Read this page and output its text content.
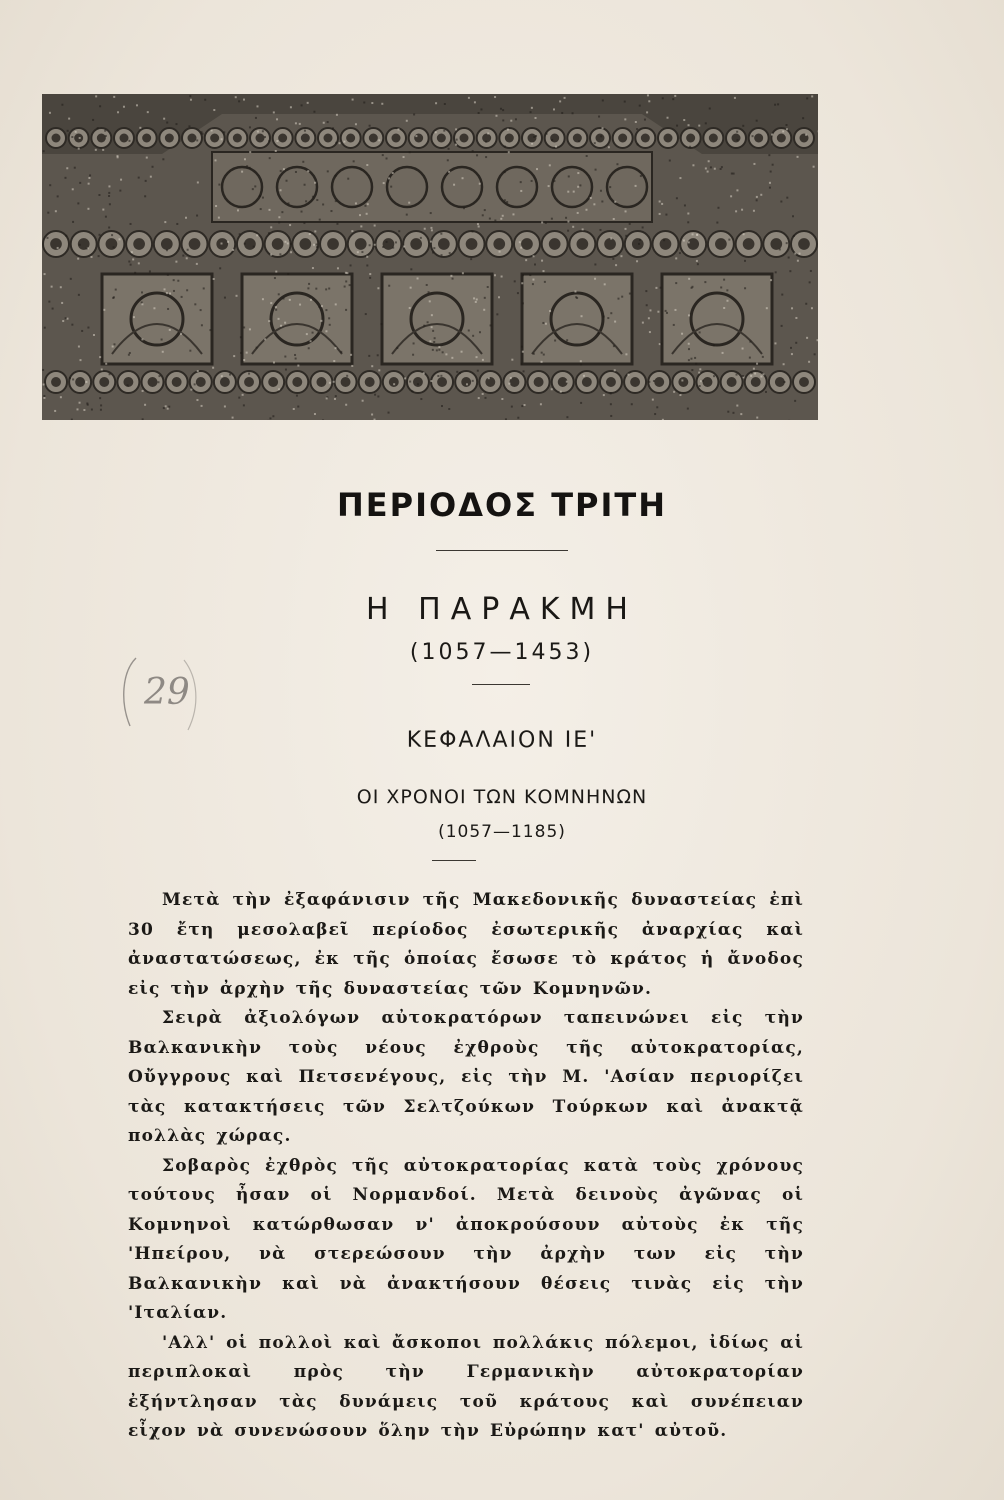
ΠΕΡΙΟΔΟΣ ΤΡΙΤΗ
Η ΠΑΡΑΚΜΗ
(1057—1453)
29
ΚΕΦΑΛΑΙΟΝ ΙΕ'
ΟΙ ΧΡΟΝΟΙ ΤΩΝ ΚΟΜΝΗΝΩΝ
(1057—1185)

Μετὰ τὴν ἐξαφάνισιν τῆς Μακεδονικῆς δυναστείας ἐπὶ 30 ἔτη μεσολαβεῖ περίοδος ἐσωτερικῆς ἀναρχίας καὶ ἀναστατώσεως, ἐκ τῆς ὁποίας ἔσωσε τὸ κράτος ἡ ἄνοδος εἰς τὴν ἀρχὴν τῆς δυναστείας τῶν Κομνηνῶν.

Σειρὰ ἀξιολόγων αὐτοκρατόρων ταπεινώνει εἰς τὴν Βαλκανικὴν τοὺς νέους ἐχθροὺς τῆς αὐτοκρατορίας, Οὔγγρους καὶ Πετσενέγους, εἰς τὴν Μ. 'Ασίαν περιορίζει τὰς κατακτήσεις τῶν Σελτζούκων Τούρκων καὶ ἀνακτᾷ πολλὰς χώρας.

Σοβαρὸς ἐχθρὸς τῆς αὐτοκρατορίας κατὰ τοὺς χρόνους τούτους ἦσαν οἱ Νορμανδοί. Μετὰ δεινοὺς ἀγῶνας οἱ Κομνηνοὶ κατώρθωσαν ν' ἀποκρούσουν αὐτοὺς ἐκ τῆς 'Ηπείρου, νὰ στερεώσουν τὴν ἀρχὴν των εἰς τὴν Βαλκανικὴν καὶ νὰ ἀνακτήσουν θέσεις τινὰς εἰς τὴν 'Ιταλίαν.

'Αλλ' οἱ πολλοὶ καὶ ἄσκοποι πολλάκις πόλεμοι, ἰδίως αἱ περιπλοκαὶ πρὸς τὴν Γερμανικὴν αὐτοκρατορίαν ἐξήντλησαν τὰς δυνάμεις τοῦ κράτους καὶ συνέπειαν εἶχον νὰ συνενώσουν ὅλην τὴν Εὐρώπην κατ' αὐτοῦ.
